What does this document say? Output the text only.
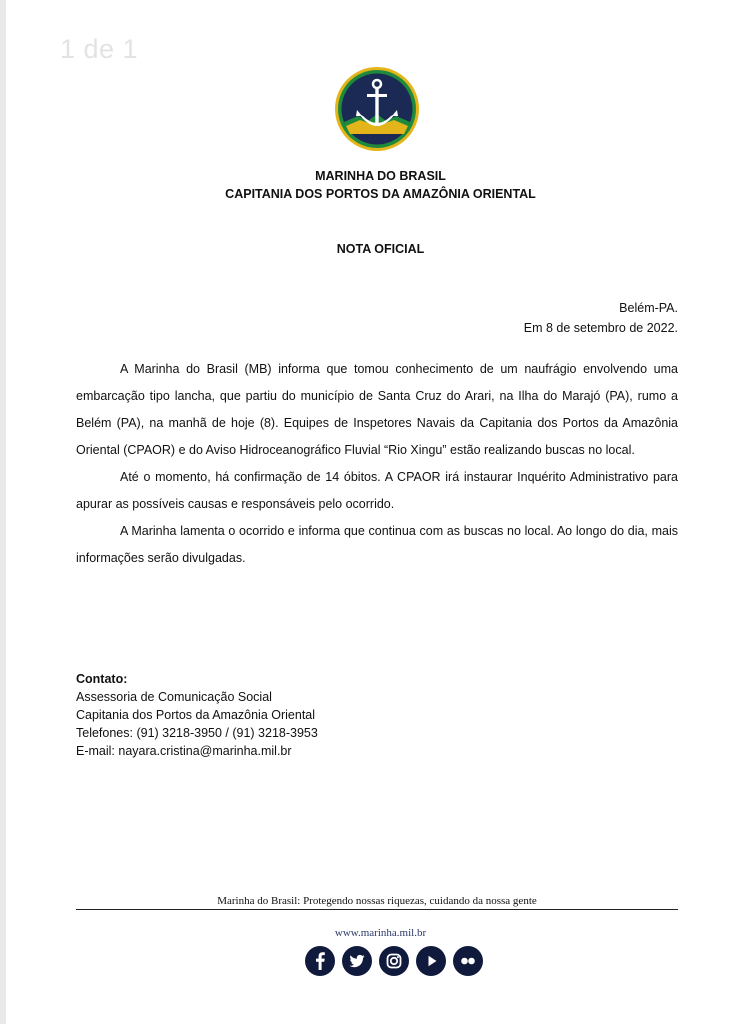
1 de 1
MARINHA DO BRASIL
CAPITANIA DOS PORTOS DA AMAZÔNIA ORIENTAL
NOTA OFICIAL
Belém-PA.
Em 8 de setembro de 2022.

A Marinha do Brasil (MB) informa que tomou conhecimento de um naufrágio envolvendo uma embarcação tipo lancha, que partiu do município de Santa Cruz do Arari, na Ilha do Marajó (PA), rumo a Belém (PA), na manhã de hoje (8). Equipes de Inspetores Navais da Capitania dos Portos da Amazônia Oriental (CPAOR) e do Aviso Hidroceanográfico Fluvial “Rio Xingu” estão realizando buscas no local.

Até o momento, há confirmação de 14 óbitos. A CPAOR irá instaurar Inquérito Administrativo para apurar as possíveis causas e responsáveis pelo ocorrido.

A Marinha lamenta o ocorrido e informa que continua com as buscas no local. Ao longo do dia, mais informações serão divulgadas.

Contato:
Assessoria de Comunicação Social
Capitania dos Portos da Amazônia Oriental
Telefones: (91) 3218-3950 / (91) 3218-3953
E-mail: nayara.cristina@marinha.mil.br
Marinha do Brasil: Protegendo nossas riquezas, cuidando da nossa gente
www.marinha.mil.br
